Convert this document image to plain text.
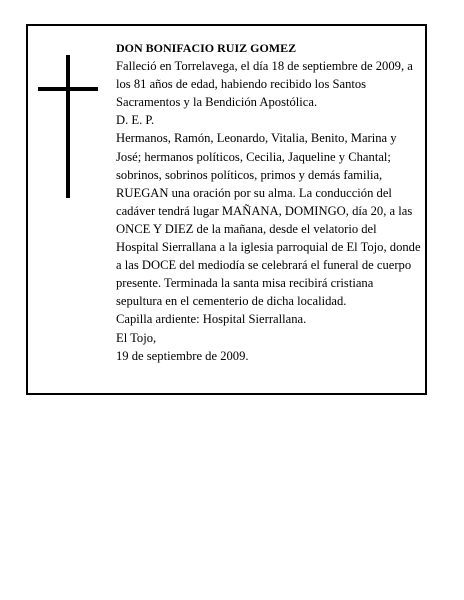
DON BONIFACIO RUIZ GOMEZ

Falleció en Torrelavega, el día 18 de septiembre de 2009, a los 81 años de edad, habiendo recibido los Santos Sacramentos y la Bendición Apostólica.

D. E. P.

Hermanos, Ramón, Leonardo, Vitalia, Benito, Marina y José; hermanos políticos, Cecilia, Jaqueline y Chantal; sobrinos, sobrinos políticos, primos y demás familia,

RUEGAN una oración por su alma. La conducción del cadáver tendrá lugar MAÑANA, DOMINGO, día 20, a las ONCE Y DIEZ de la mañana, desde el velatorio del Hospital Sierrallana a la iglesia parroquial de El Tojo, donde a las DOCE del mediodía se celebrará el funeral de cuerpo presente. Terminada la santa misa recibirá cristiana sepultura en el cementerio de dicha localidad.

Capilla ardiente: Hospital Sierrallana.

El Tojo,

19 de septiembre de 2009.
